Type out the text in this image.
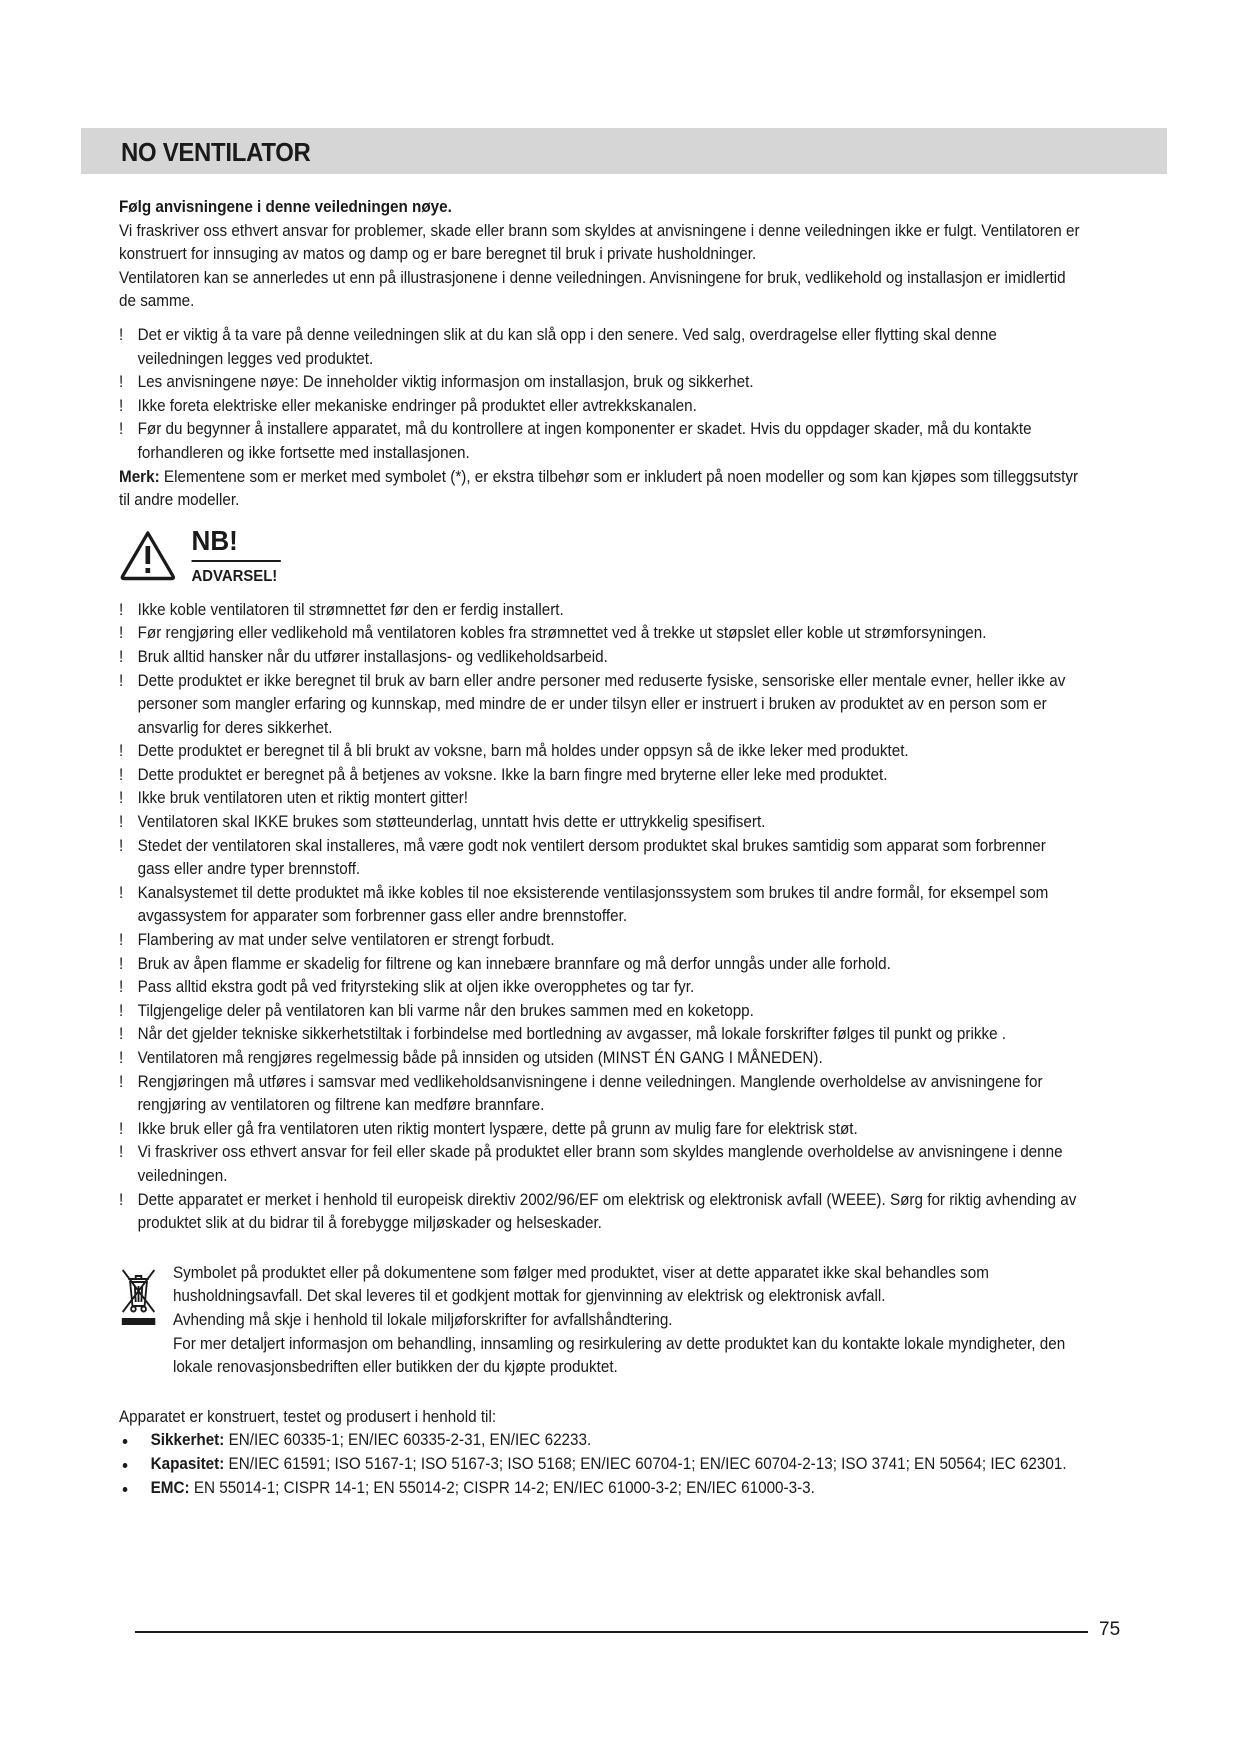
NO VENTILATOR

Følg anvisningene i denne veiledningen nøye.

Vi fraskriver oss ethvert ansvar for problemer, skade eller brann som skyldes at anvisningene i denne veiledningen ikke er fulgt. Ventilatoren er konstruert for innsuging av matos og damp og er bare beregnet til bruk i private husholdninger.

Ventilatoren kan se annerledes ut enn på illustrasjonene i denne veiledningen. Anvisningene for bruk, vedlikehold og installasjon er imidlertid de samme.

! Det er viktig å ta vare på denne veiledningen slik at du kan slå opp i den senere. Ved salg, overdragelse eller flytting skal denne veiledningen legges ved produktet.
! Les anvisningene nøye: De inneholder viktig informasjon om installasjon, bruk og sikkerhet.
! Ikke foreta elektriske eller mekaniske endringer på produktet eller avtrekkskanalen.
! Før du begynner å installere apparatet, må du kontrollere at ingen komponenter er skadet. Hvis du oppdager skader, må du kontakte forhandleren og ikke fortsette med installasjonen.

Merk: Elementene som er merket med symbolet (*), er ekstra tilbehør som er inkludert på noen modeller og som kan kjøpes som tilleggsutstyr til andre modeller.

NB!
ADVARSEL!
! Ikke koble ventilatoren til strømnettet før den er ferdig installert.
! Før rengjøring eller vedlikehold må ventilatoren kobles fra strømnettet ved å trekke ut støpslet eller koble ut strømforsyningen.
! Bruk alltid hansker når du utfører installasjons- og vedlikeholdsarbeid.
! Dette produktet er ikke beregnet til bruk av barn eller andre personer med reduserte fysiske, sensoriske eller mentale evner, heller ikke av personer som mangler erfaring og kunnskap, med mindre de er under tilsyn eller er instruert i bruken av produktet av en person som er ansvarlig for deres sikkerhet.
! Dette produktet er beregnet til å bli brukt av voksne, barn må holdes under oppsyn så de ikke leker med produktet.
! Dette produktet er beregnet på å betjenes av voksne. Ikke la barn fingre med bryterne eller leke med produktet.
! Ikke bruk ventilatoren uten et riktig montert gitter!
! Ventilatoren skal IKKE brukes som støtteunderlag, unntatt hvis dette er uttrykkelig spesifisert.
! Stedet der ventilatoren skal installeres, må være godt nok ventilert dersom produktet skal brukes samtidig som apparat som forbrenner gass eller andre typer brennstoff.
! Kanalsystemet til dette produktet må ikke kobles til noe eksisterende ventilasjonssystem som brukes til andre formål, for eksempel som avgassystem for apparater som forbrenner gass eller andre brennstoffer.
! Flambering av mat under selve ventilatoren er strengt forbudt.
! Bruk av åpen flamme er skadelig for filtrene og kan innebære brannfare og må derfor unngås under alle forhold.
! Pass alltid ekstra godt på ved frityrsteking slik at oljen ikke overopphetes og tar fyr.
! Tilgjengelige deler på ventilatoren kan bli varme når den brukes sammen med en koketopp.
! Når det gjelder tekniske sikkerhetstiltak i forbindelse med bortledning av avgasser, må lokale forskrifter følges til punkt og prikke .
! Ventilatoren må rengjøres regelmessig både på innsiden og utsiden (MINST ÉN GANG I MÅNEDEN).
! Rengjøringen må utføres i samsvar med vedlikeholdsanvisningene i denne veiledningen. Manglende overholdelse av anvisningene for rengjøring av ventilatoren og filtrene kan medføre brannfare.
! Ikke bruk eller gå fra ventilatoren uten riktig montert lyspære, dette på grunn av mulig fare for elektrisk støt.
! Vi fraskriver oss ethvert ansvar for feil eller skade på produktet eller brann som skyldes manglende overholdelse av anvisningene i denne veiledningen.
! Dette apparatet er merket i henhold til europeisk direktiv 2002/96/EF om elektrisk og elektronisk avfall (WEEE). Sørg for riktig avhending av produktet slik at du bidrar til å forebygge miljøskader og helseskader.

Symbolet på produktet eller på dokumentene som følger med produktet, viser at dette apparatet ikke skal behandles som husholdningsavfall. Det skal leveres til et godkjent mottak for gjenvinning av elektrisk og elektronisk avfall.

Avhending må skje i henhold til lokale miljøforskrifter for avfallshåndtering.

For mer detaljert informasjon om behandling, innsamling og resirkulering av dette produktet kan du kontakte lokale myndigheter, den lokale renovasjonsbedriften eller butikken der du kjøpte produktet.

Apparatet er konstruert, testet og produsert i henhold til:

Sikkerhet: EN/IEC 60335-1; EN/IEC 60335-2-31, EN/IEC 62233.
Kapasitet: EN/IEC 61591; ISO 5167-1; ISO 5167-3; ISO 5168; EN/IEC 60704-1; EN/IEC 60704-2-13; ISO 3741; EN 50564; IEC 62301.
EMC: EN 55014-1; CISPR 14-1; EN 55014-2; CISPR 14-2; EN/IEC 61000-3-2; EN/IEC 61000-3-3.
75
